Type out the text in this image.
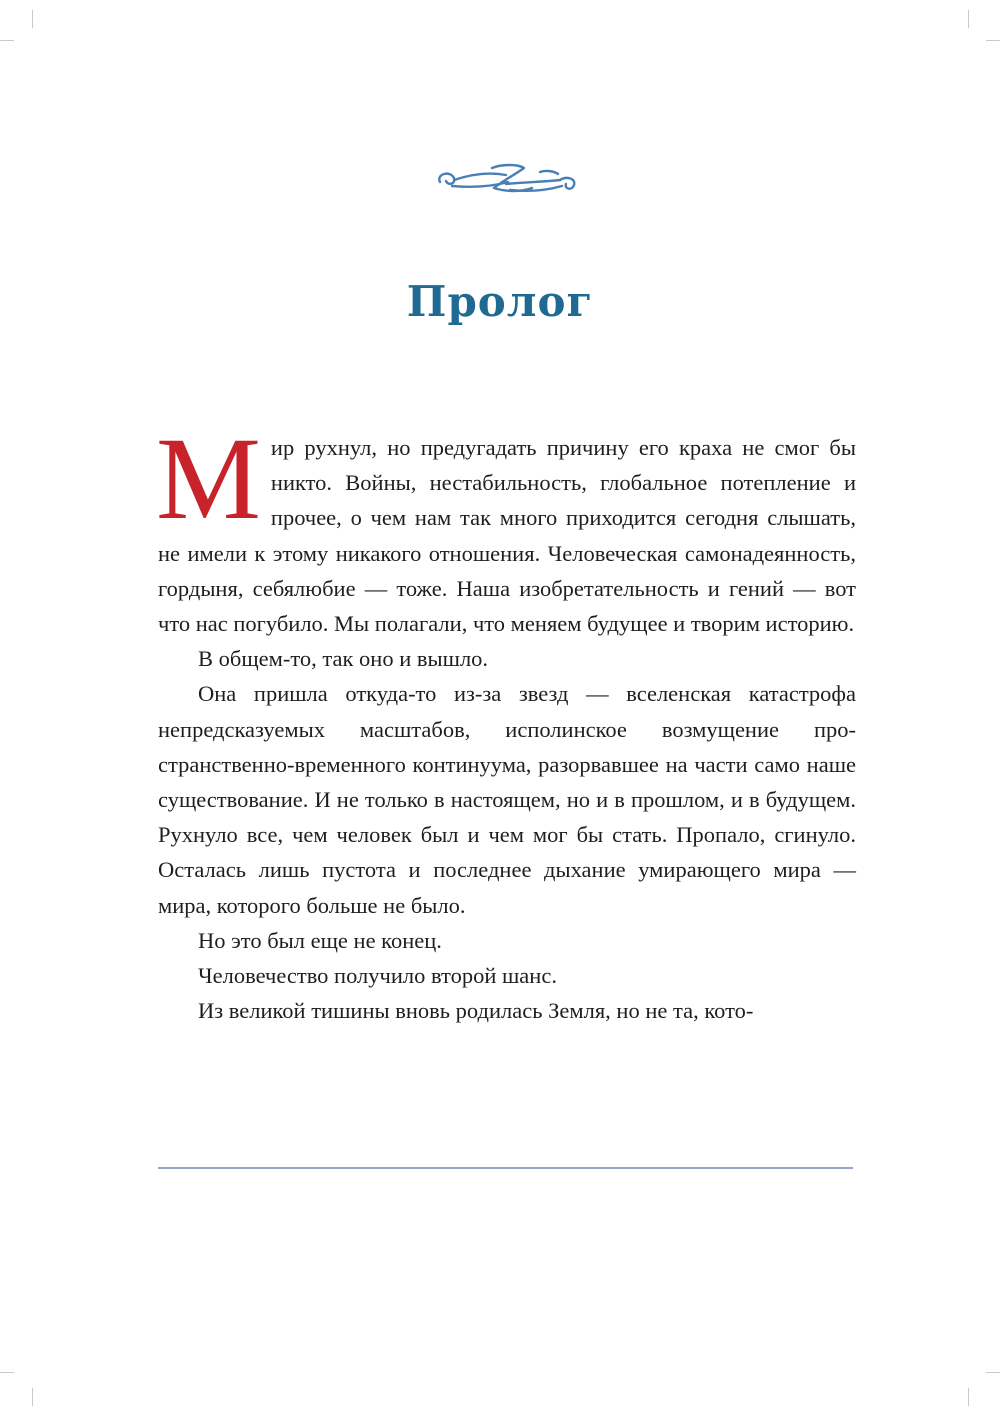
Пролог

Мир рухнул, но предугадать причину его краха не смог бы никто. Войны, нестабильность, глобальное потепление и прочее, о чем нам так много приходится сегодня слышать, не имели к этому никакого отношения. Человеческая самонадеянность, гордыня, себялюбие — тоже. Наша изобретательность и гений — вот что нас погубило. Мы полагали, что меняем будущее и творим историю.

В общем-то, так оно и вышло.

Она пришла откуда-то из-за звезд — вселенская катастрофа непредсказуемых масштабов, исполинское возмущение пространственно-временного континуума, разорвавшее на части само наше существование. И не только в настоящем, но и в прошлом, и в будущем. Рухнуло все, чем человек был и чем мог бы стать. Пропало, сгинуло. Осталась лишь пустота и последнее дыхание умирающего мира — мира, которого больше не было.

Но это был еще не конец.

Человечество получило второй шанс.

Из великой тишины вновь родилась Земля, но не та, кото-
